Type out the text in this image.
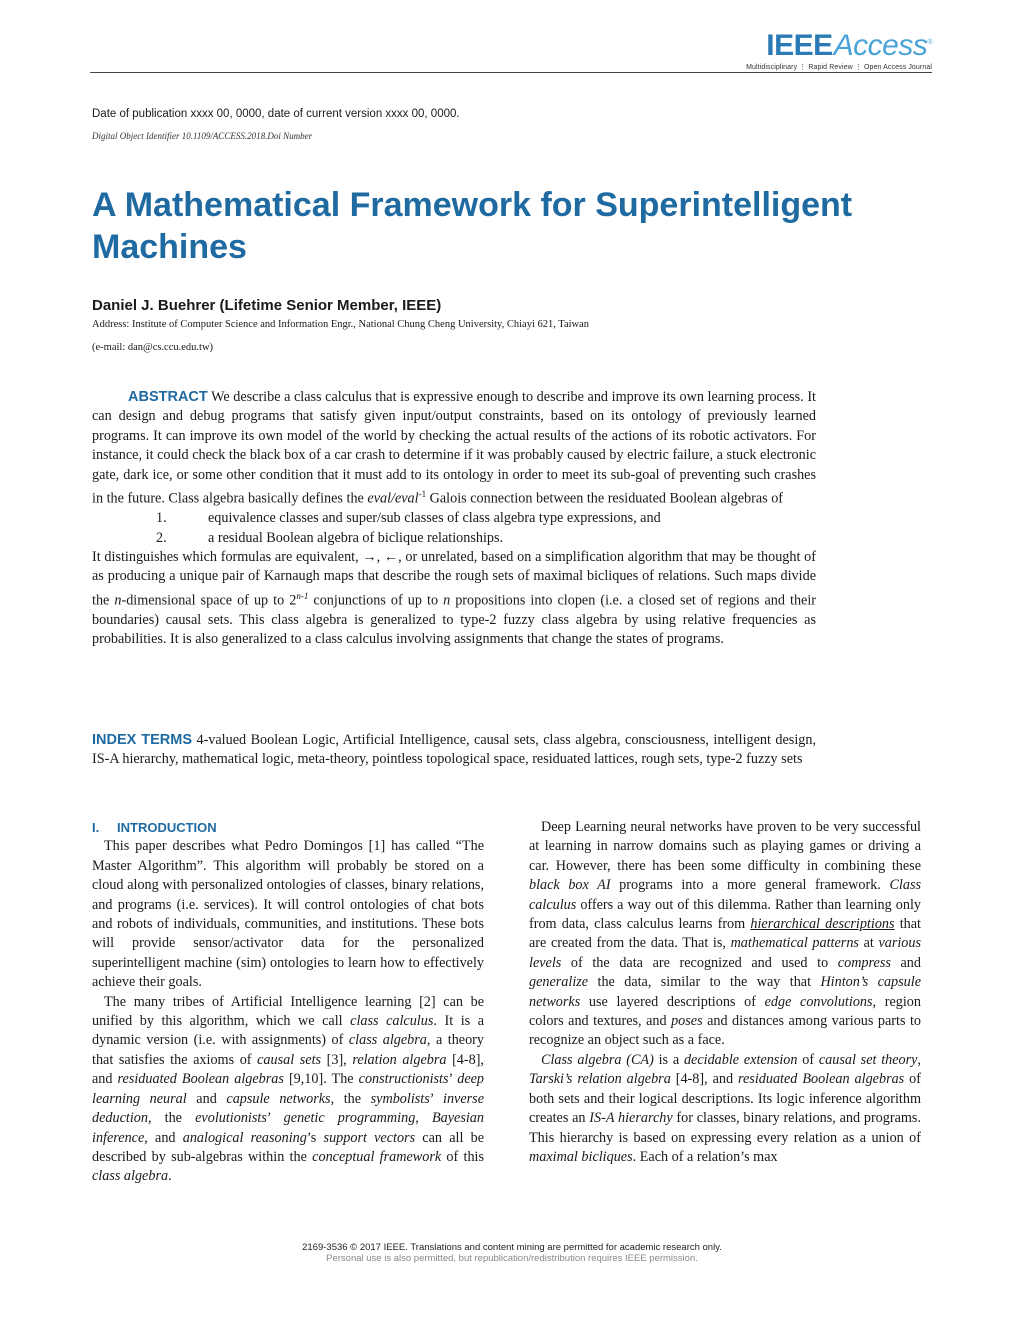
IEEEAccess®
Multidisciplinary ⋮ Rapid Review ⋮ Open Access Journal
Date of publication xxxx 00, 0000, date of current version xxxx 00, 0000.
Digital Object Identifier 10.1109/ACCESS.2018.Doi Number
A Mathematical Framework for Superintelligent Machines
Daniel J. Buehrer (Lifetime Senior Member, IEEE)
Address: Institute of Computer Science and Information Engr., National Chung Cheng University, Chiayi 621, Taiwan
(e-mail: dan@cs.ccu.edu.tw)

ABSTRACT We describe a class calculus that is expressive enough to describe and improve its own learning process. It can design and debug programs that satisfy given input/output constraints, based on its ontology of previously learned programs. It can improve its own model of the world by checking the actual results of the actions of its robotic activators. For instance, it could check the black box of a car crash to determine if it was probably caused by electric failure, a stuck electronic gate, dark ice, or some other condition that it must add to its ontology in order to meet its sub-goal of preventing such crashes in the future. Class algebra basically defines the eval/eval$^{-1}$ Galois connection between the residuated Boolean algebras of

1.	equivalence classes and super/sub classes of class algebra type expressions, and
2.	a residual Boolean algebra of biclique relationships.

It distinguishes which formulas are equivalent, →, ←, or unrelated, based on a simplification algorithm that may be thought of as producing a unique pair of Karnaugh maps that describe the rough sets of maximal bicliques of relations. Such maps divide the n-dimensional space of up to 2$^{n-1}$ conjunctions of up to n propositions into clopen (i.e. a closed set of regions and their boundaries) causal sets. This class algebra is generalized to type-2 fuzzy class algebra by using relative frequencies as probabilities. It is also generalized to a class calculus involving assignments that change the states of programs.

INDEX TERMS 4-valued Boolean Logic, Artificial Intelligence, causal sets, class algebra, consciousness, intelligent design, IS-A hierarchy, mathematical logic, meta-theory, pointless topological space, residuated lattices, rough sets, type-2 fuzzy sets
I. INTRODUCTION

This paper describes what Pedro Domingos [1] has called “The Master Algorithm”. This algorithm will probably be stored on a cloud along with personalized ontologies of classes, binary relations, and programs (i.e. services). It will control ontologies of chat bots and robots of individuals, communities, and institutions. These bots will provide sensor/activator data for the personalized superintelligent machine (sim) ontologies to learn how to effectively achieve their goals.

The many tribes of Artificial Intelligence learning [2] can be unified by this algorithm, which we call class calculus. It is a dynamic version (i.e. with assignments) of class algebra, a theory that satisfies the axioms of causal sets [3], relation algebra [4-8], and residuated Boolean algebras [9,10]. The constructionists’ deep learning neural and capsule networks, the symbolists’ inverse deduction, the evolutionists’ genetic programming, Bayesian inference, and analogical reasoning’s support vectors can all be described by sub-algebras within the conceptual framework of this class algebra.

Deep Learning neural networks have proven to be very successful at learning in narrow domains such as playing games or driving a car. However, there has been some difficulty in combining these black box AI programs into a more general framework. Class calculus offers a way out of this dilemma. Rather than learning only from data, class calculus learns from hierarchical descriptions that are created from the data. That is, mathematical patterns at various levels of the data are recognized and used to compress and generalize the data, similar to the way that Hinton’s capsule networks use layered descriptions of edge convolutions, region colors and textures, and poses and distances among various parts to recognize an object such as a face.

Class algebra (CA) is a decidable extension of causal set theory, Tarski’s relation algebra [4-8], and residuated Boolean algebras of both sets and their logical descriptions. Its logic inference algorithm creates an IS-A hierarchy for classes, binary relations, and programs. This hierarchy is based on expressing every relation as a union of maximal bicliques. Each of a relation’s max

2169-3536 © 2017 IEEE. Translations and content mining are permitted for academic research only.
Personal use is also permitted, but republication/redistribution requires IEEE permission.
